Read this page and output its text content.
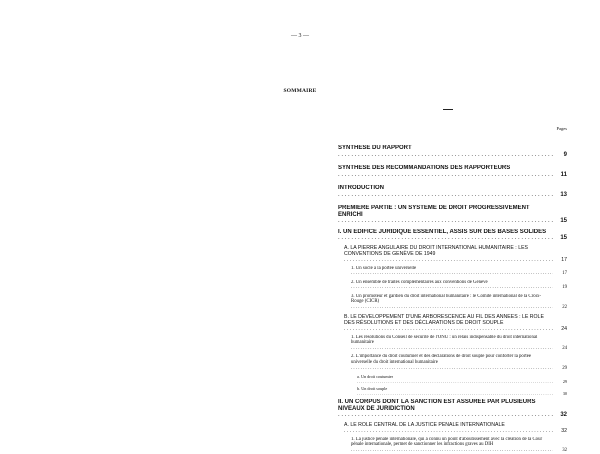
— 3 —
SOMMAIRE
Pages
SYNTHÈSE DU RAPPORT . . .
9
SYNTHÈSE DES RECOMMANDATIONS DES RAPPORTEURS . . .
11
INTRODUCTION . . .
13
PREMIÈRE PARTIE : UN SYSTÈME DE DROIT PROGRESSIVEMENT ENRICHI . . .
15
I. UN ÉDIFICE JURIDIQUE ESSENTIEL, ASSIS SUR DES BASES SOLIDES . . .
15
A. LA PIERRE ANGULAIRE DU DROIT INTERNATIONAL HUMANITAIRE : LES CONVENTIONS DE GENÈVE DE 1949 . . .
17
1. Un socle à la portée universelle . . .
17
2. Un ensemble de traités complémentaires aux conventions de Genève . . .
19
3. Un promoteur et gardien du droit international humanitaire : le Comité international de la Croix-Rouge (CICR) . . .
22
B. LE DÉVELOPPEMENT D'UNE ARBORESCENCE AU FIL DES ANNÉES : LE RÔLE DES RÉSOLUTIONS ET DES DÉCLARATIONS DE DROIT SOUPLE . . .
24
1. Les résolutions du Conseil de sécurité de l'ONU : un relais indispensable du droit international humanitaire . . .
24
2. L'importance du droit coutumier et des déclarations de droit souple pour conforter la portée universelle du droit international humanitaire . . .
29
a. Un droit coutumier . . .
29
b. Un droit souple . . .
30
II. UN CORPUS DONT LA SANCTION EST ASSURÉE PAR PLUSIEURS NIVEAUX DE JURIDICTION . . .
32
A. LE RÔLE CENTRAL DE LA JUSTICE PÉNALE INTERNATIONALE . . .
32
1. La justice pénale internationale, qui a connu un point d'aboutissement avec la création de la Cour pénale internationale, permet de sanctionner les infractions graves au DIH . . .
32
